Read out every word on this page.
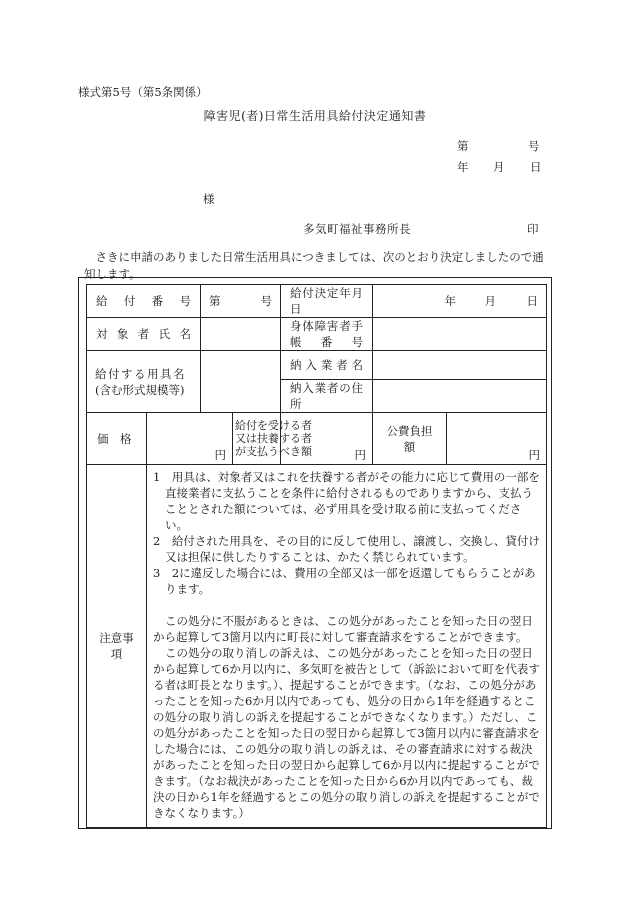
様式第5号（第5条関係）
障害児(者)日常生活用具給付決定通知書
第	号
年 月 日
様
多気町福祉事務所長	印
　さきに申請のありました日常生活用具につきましては、次のとおり決定しましたので通知します。
給付番号		第 号		給付決定年月日	年 月 日	

対象者氏名				身体障害者手帳番号		

給付する用具名
(含む形式規模等)				納入業者名		
				納入業者の住所		
価　格	円		給付を受ける者
又は扶養する者
が支払うべき額	円	公費負担額	円
注意事項	1　用具は、対象者又はこれを扶養する者がその能力に応じて費用の一部を直接業者に支払うことを条件に給付されるものでありますから、支払うこととされた額については、必ず用具を受け取る前に支払ってください。

2　給付された用具を、その目的に反して使用し、譲渡し、交換し、貸付け又は担保に供したりすることは、かたく禁じられています。

3　2に違反した場合には、費用の全部又は一部を返還してもらうことがあります。

この処分に不服があるときは、この処分があったことを知った日の翌日から起算して3箇月以内に町長に対して審査請求をすることができます。

この処分の取り消しの訴えは、この処分があったことを知った日の翌日から起算して6か月以内に、多気町を被告として（訴訟において町を代表する者は町長となります。）、提起することができます。（なお、この処分があったことを知った6か月以内であっても、処分の日から1年を経過するとこの処分の取り消しの訴えを提起することができなくなります。）ただし、この処分があったことを知った日の翌日から起算して3箇月以内に審査請求をした場合には、この処分の取り消しの訴えは、その審査請求に対する裁決があったことを知った日の翌日から起算して6か月以内に提起することができます。（なお裁決があったことを知った日から6か月以内であっても、裁決の日から1年を経過するとこの処分の取り消しの訴えを提起することができなくなります。）					
